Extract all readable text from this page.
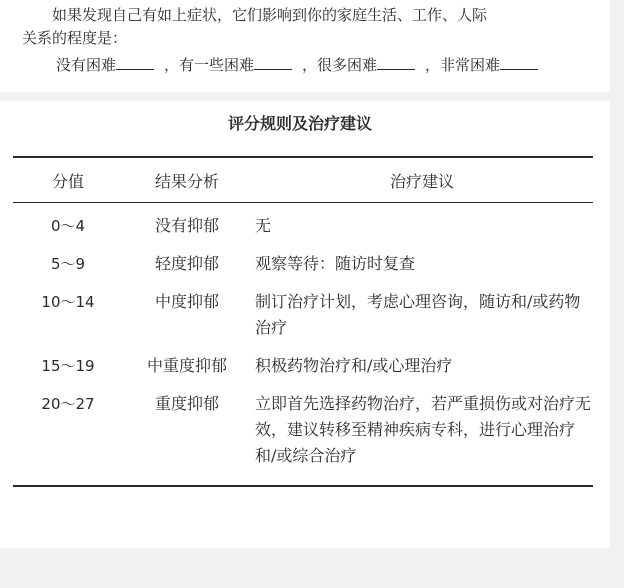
如果发现自己有如上症状，它们影响到你的家庭生活、工作、人际
关系的程度是：

没有困难	，有一些困难	，很多困难	，非常困难
评分规则及治疗建议
分值	结果分析	治疗建议
0～4	没有抑郁	无
5～9	轻度抑郁	观察等待：随访时复查
10～14	中度抑郁	制订治疗计划，考虑心理咨询，随访和/或药物治疗
15～19	中重度抑郁	积极药物治疗和/或心理治疗
20～27	重度抑郁	立即首先选择药物治疗，若严重损伤或对治疗无效，建议转移至精神疾病专科，进行心理治疗和/或综合治疗
